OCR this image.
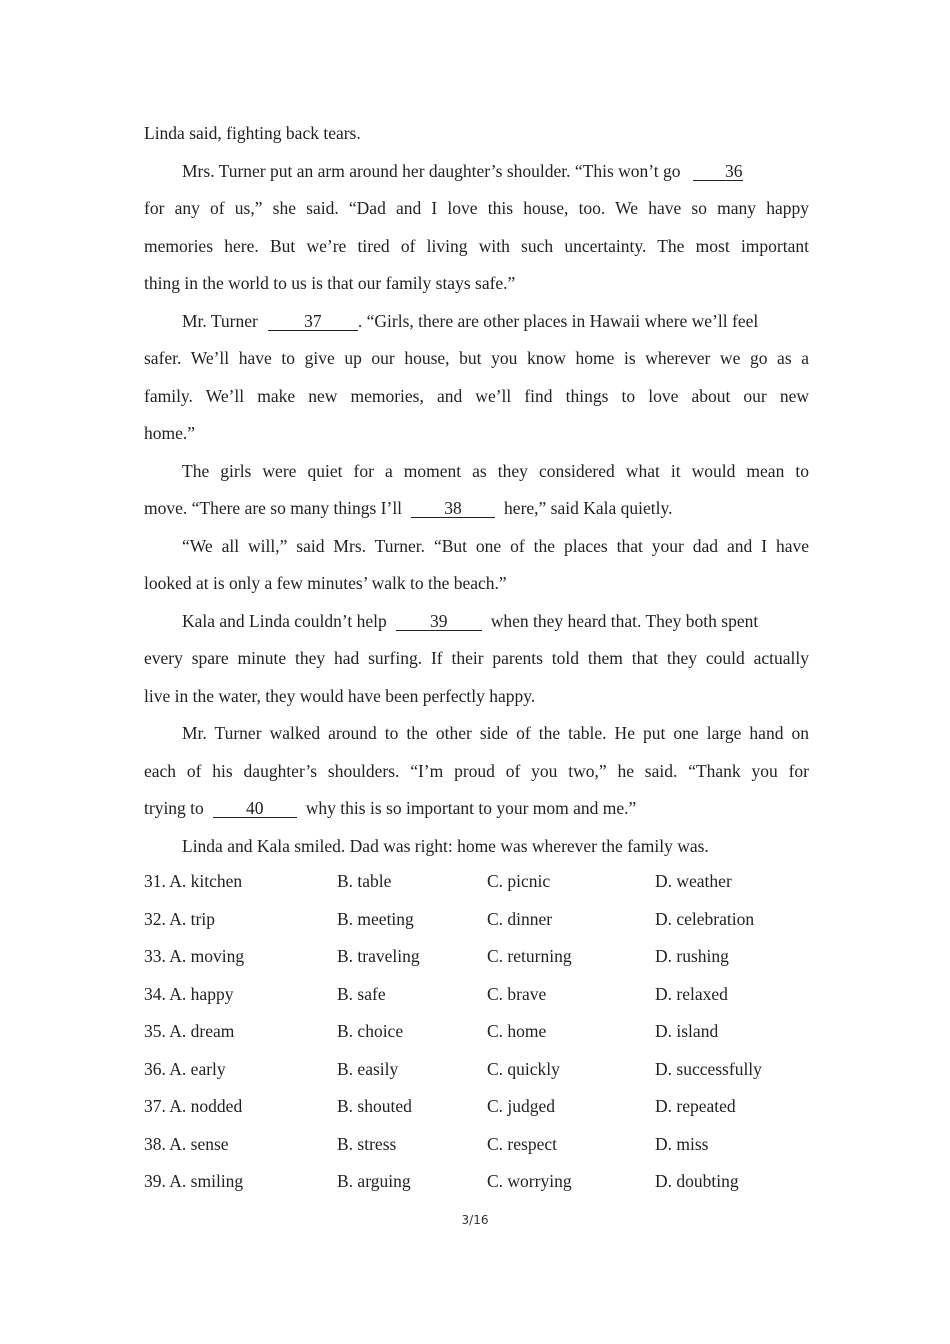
Linda said, fighting back tears.
Mrs. Turner put an arm around her daughter’s shoulder. “This won’t go	36
for any of us,” she said. “Dad and I love this house, too. We have so many happy
memories here. But we’re tired of living with such uncertainty. The most important
thing in the world to us is that our family stays safe.”
Mr. Turner	37 . “Girls, there are other places in Hawaii where we’ll feel
safer. We’ll have to give up our house, but you know home is wherever we go as a
family. We’ll make new memories, and we’ll find things to love about our new
home.”
The girls were quiet for a moment as they considered what it would mean to
move. “There are so many things I’ll 38 here,” said Kala quietly.
“We all will,” said Mrs. Turner. “But one of the places that your dad and I have
looked at is only a few minutes’ walk to the beach.”
Kala and Linda couldn’t help 39 when they heard that. They both spent
every spare minute they had surfing. If their parents told them that they could actually
live in the water, they would have been perfectly happy.
Mr. Turner walked around to the other side of the table. He put one large hand on
each of his daughter’s shoulders. “I’m proud of you two,” he said. “Thank you for
trying to 40 why this is so important to your mom and me.”
Linda and Kala smiled. Dad was right: home was wherever the family was.
31. A. kitchen	B. table	C. picnic	D. weather
32. A. trip	B. meeting	C. dinner	D. celebration
33. A. moving	B. traveling	C. returning	D. rushing
34. A. happy	B. safe	C. brave	D. relaxed
35. A. dream	B. choice	C. home	D. island
36. A. early	B. easily	C. quickly	D. successfully
37. A. nodded	B. shouted	C. judged	D. repeated
38. A. sense	B. stress	C. respect	D. miss
39. A. smiling	B. arguing	C. worrying	D. doubting
3/16
